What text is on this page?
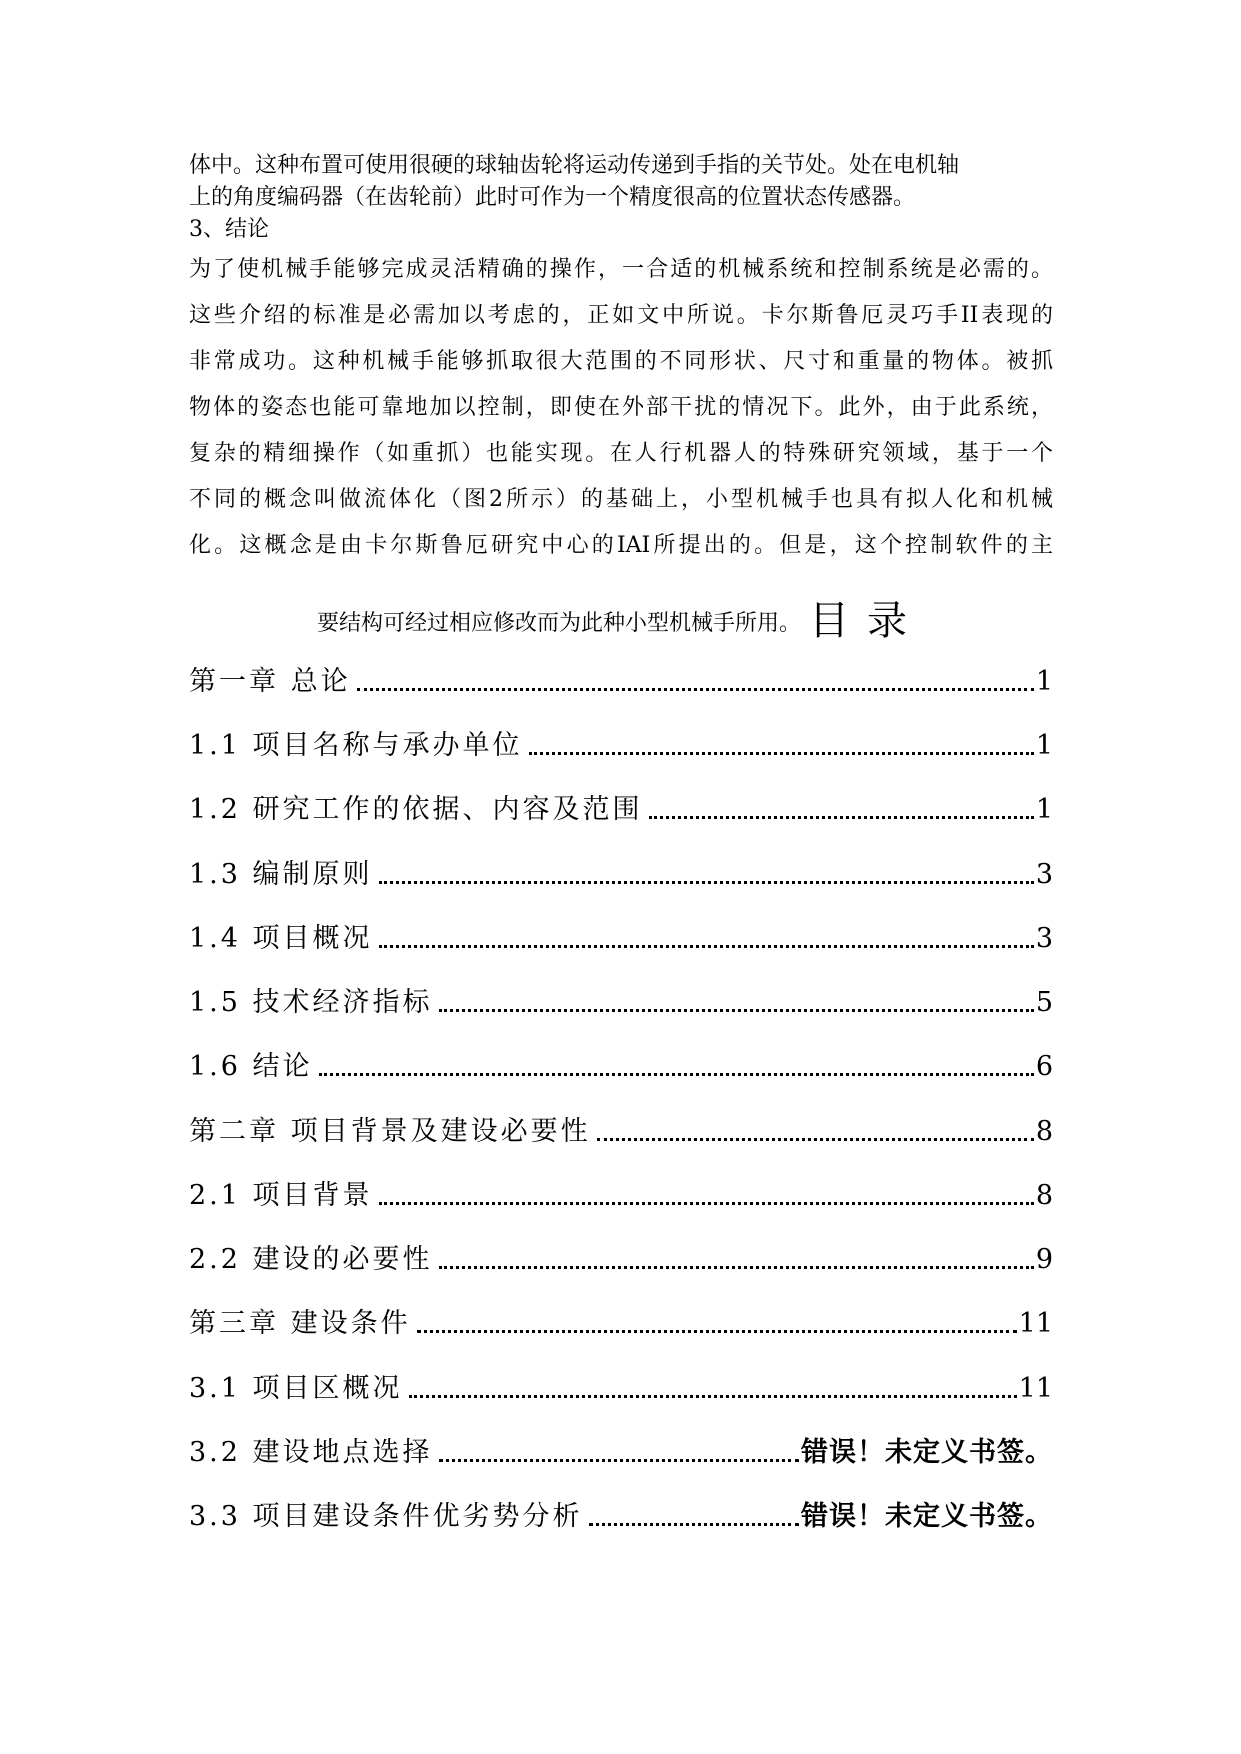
体中。这种布置可使用很硬的球轴齿轮将运动传递到手指的关节处。处在电机轴
上的角度编码器（在齿轮前）此时可作为一个精度很高的位置状态传感器。
3、结论
为了使机械手能够完成灵活精确的操作，一合适的机械系统和控制系统是必需的。
这些介绍的标准是必需加以考虑的，正如文中所说。卡尔斯鲁厄灵巧手II表现的
非常成功。这种机械手能够抓取很大范围的不同形状、尺寸和重量的物体。被抓
物体的姿态也能可靠地加以控制，即使在外部干扰的情况下。此外，由于此系统，
复杂的精细操作（如重抓）也能实现。在人行机器人的特殊研究领域，基于一个
不同的概念叫做流体化（图2所示）的基础上，小型机械手也具有拟人化和机械
化。这概念是由卡尔斯鲁厄研究中心的IAI所提出的。但是，这个控制软件的主
要结构可经过相应修改而为此种小型机械手所用。 目录
第一章 总论	1
1.1 项目名称与承办单位	1
1.2 研究工作的依据、内容及范围	1
1.3 编制原则	3
1.4 项目概况	3
1.5 技术经济指标	5
1.6 结论	6
第二章 项目背景及建设必要性	8
2.1 项目背景	8
2.2 建设的必要性	9
第三章 建设条件	11
3.1 项目区概况	11
3.2 建设地点选择	错误！未定义书签。
3.3 项目建设条件优劣势分析	错误！未定义书签。
